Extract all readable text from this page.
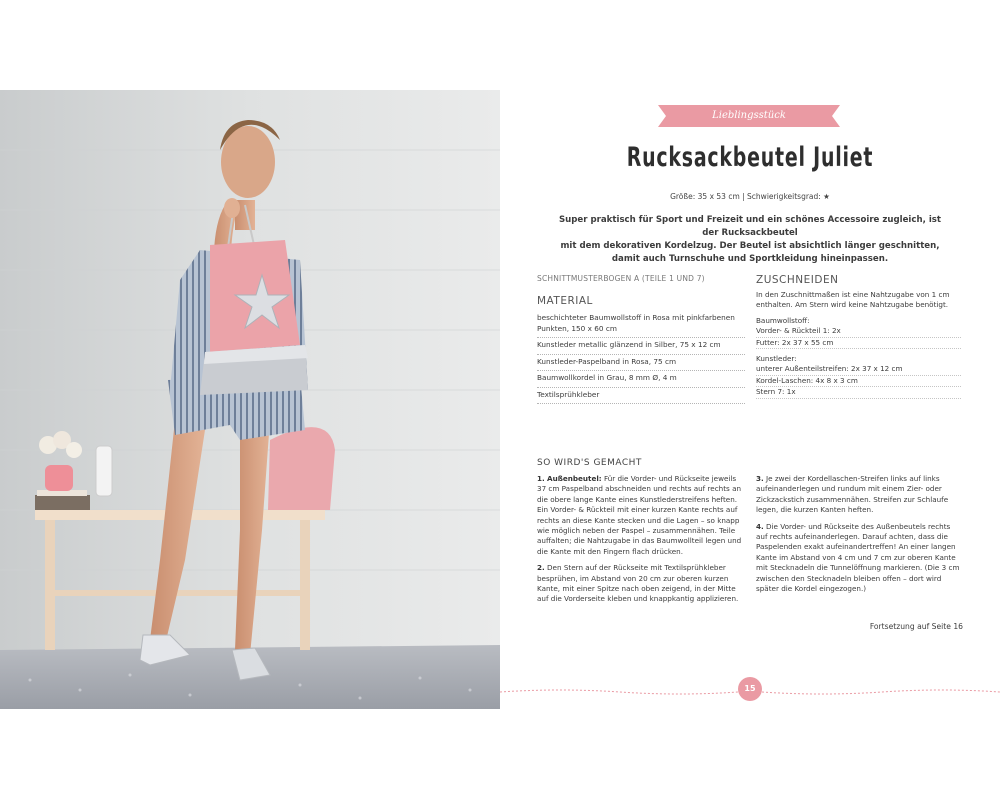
Lieblingsstück
Rucksackbeutel Juliet
Größe: 35 x 53 cm | Schwierigkeitsgrad: ★

Super praktisch für Sport und Freizeit und ein schönes Accessoire zugleich, ist der Rucksackbeutel

mit dem dekorativen Kordelzug. Der Beutel ist absichtlich länger geschnitten,

damit auch Turnschuhe und Sportkleidung hineinpassen.

SCHNITTMUSTERBOGEN A (TEILE 1 UND 7)
MATERIAL
beschichteter Baumwollstoff in Rosa mit pinkfarbenen Punkten, 150 x 60 cm
Kunstleder metallic glänzend in Silber, 75 x 12 cm
Kunstleder-Paspelband in Rosa, 75 cm
Baumwollkordel in Grau, 8 mm Ø, 4 m
Textilsprühkleber
ZUSCHNEIDEN

In den Zuschnittmaßen ist eine Nahtzugabe von 1 cm enthalten. Am Stern wird keine Nahtzugabe benötigt.

Baumwollstoff:

Vorder- & Rückteil 1: 2x

Futter: 2x 37 x 55 cm

Kunstleder:

unterer Außenteilstreifen: 2x 37 x 12 cm

Kordel-Laschen: 4x 8 x 3 cm

Stern 7: 1x

SO WIRD'S GEMACHT

1. Außenbeutel: Für die Vorder- und Rückseite jeweils 37 cm Paspelband abschneiden und rechts auf rechts an die obere lange Kante eines Kunstlederstreifens heften. Ein Vorder- & Rückteil mit einer kurzen Kante rechts auf rechts an diese Kante stecken und die Lagen – so knapp wie möglich neben der Paspel – zusammennähen. Teile auffalten; die Nahtzugabe in das Baumwollteil legen und die Kante mit den Fingern flach drücken.

2. Den Stern auf der Rückseite mit Textilsprühkleber besprühen, im Abstand von 20 cm zur oberen kurzen Kante, mit einer Spitze nach oben zeigend, in der Mitte auf die Vorderseite kleben und knappkantig applizieren.

3. Je zwei der Kordellaschen-Streifen links auf links aufeinanderlegen und rundum mit einem Zier- oder Zickzackstich zusammennähen. Streifen zur Schlaufe legen, die kurzen Kanten heften.

4. Die Vorder- und Rückseite des Außenbeutels rechts auf rechts aufeinanderlegen. Darauf achten, dass die Paspelenden exakt aufeinandertreffen! An einer langen Kante im Abstand von 4 cm und 7 cm zur oberen Kante mit Stecknadeln die Tunnelöffnung markieren. (Die 3 cm zwischen den Stecknadeln bleiben offen – dort wird später die Kordel eingezogen.)

Fortsetzung auf Seite 16
15
